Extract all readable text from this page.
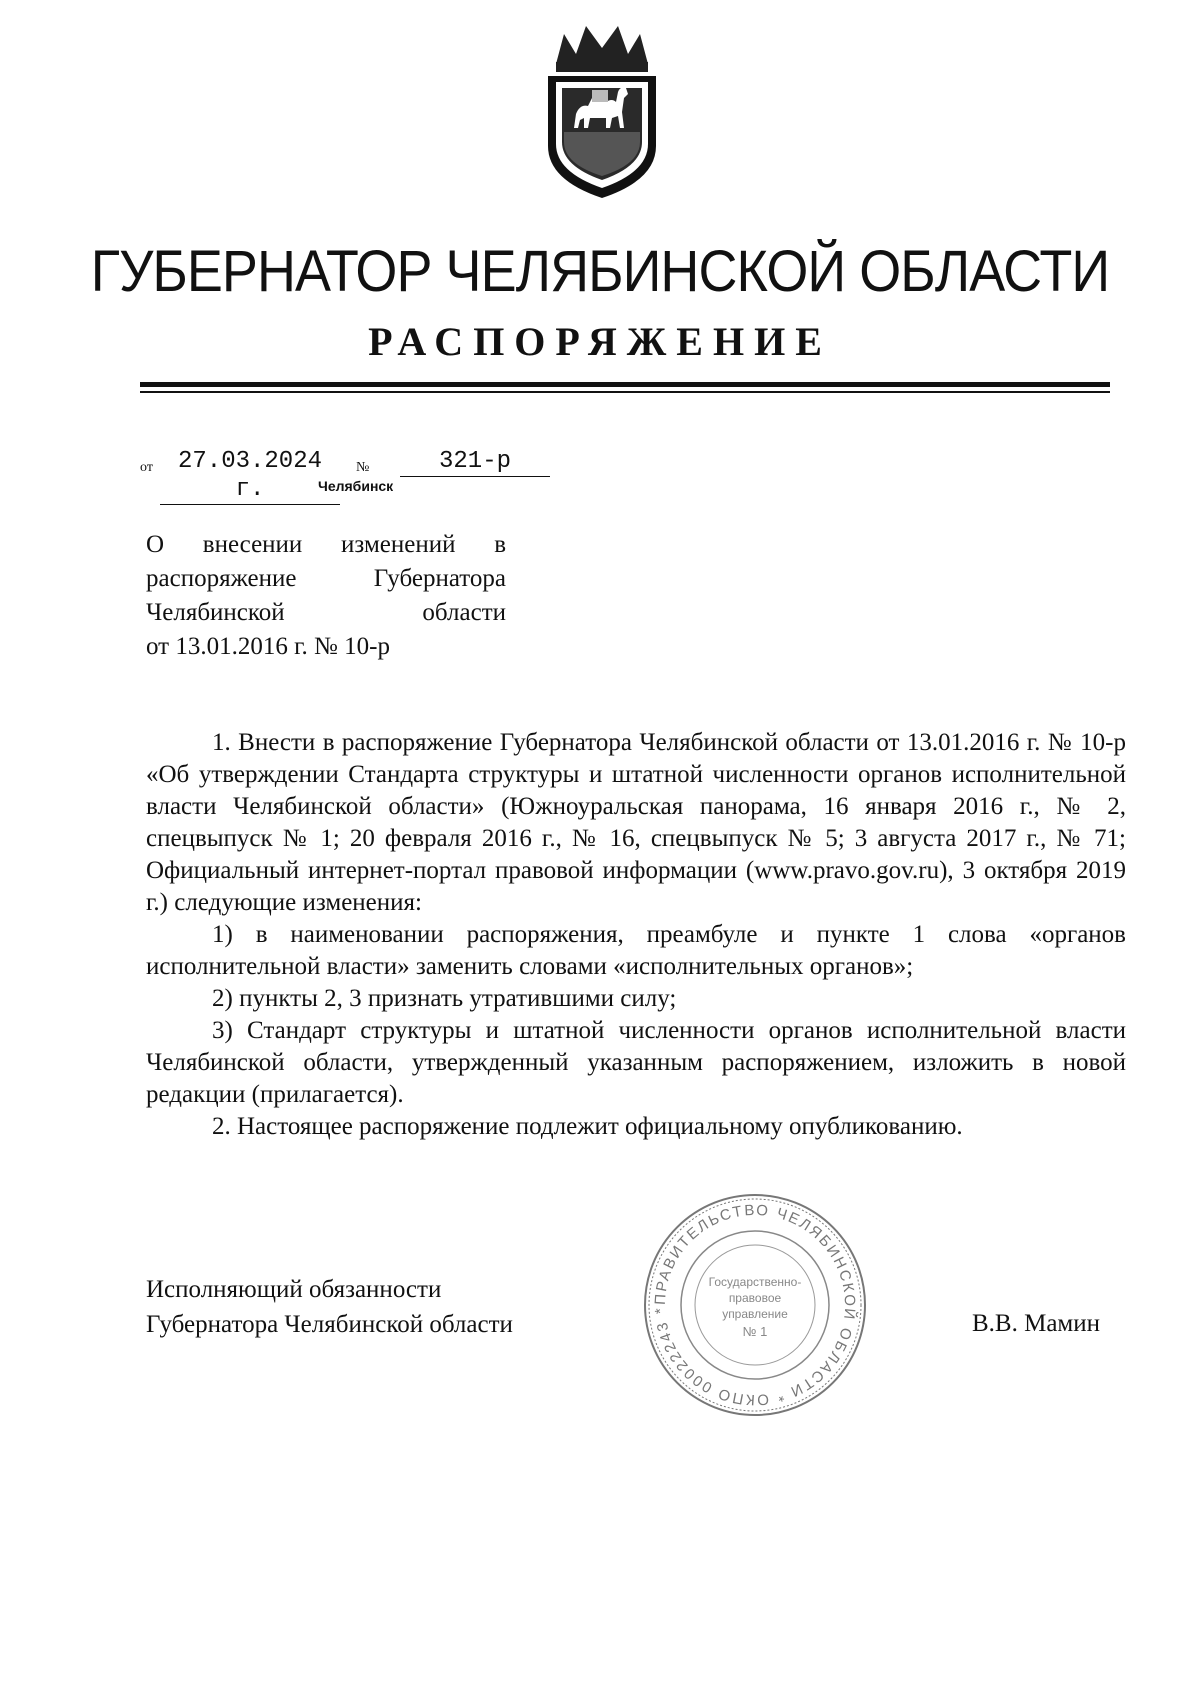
ГУБЕРНАТОР ЧЕЛЯБИНСКОЙ ОБЛАСТИ
РАСПОРЯЖЕНИЕ
от	27.03.2024 г.
№	321-р
Челябинск
О внесении изменений в
распоряжение Губернатора
Челябинской области
от 13.01.2016 г. № 10-р

1. Внести в распоряжение Губернатора Челябинской области от 13.01.2016 г. № 10-р «Об утверждении Стандарта структуры и штатной численности органов исполнительной власти Челябинской области» (Южноуральская панорама, 16 января 2016 г., № 2, спецвыпуск № 1; 20 февраля 2016 г., № 16, спецвыпуск № 5; 3 августа 2017 г., № 71; Официальный интернет-портал правовой информации (www.pravo.gov.ru), 3 октября 2019 г.) следующие изменения:

1) в наименовании распоряжения, преамбуле и пункте 1 слова «органов исполнительной власти» заменить словами «исполнительных органов»;

2) пункты 2, 3 признать утратившими силу;

3) Стандарт структуры и штатной численности органов исполнительной власти Челябинской области, утвержденный указанным распоряжением, изложить в новой редакции (прилагается).

2. Настоящее распоряжение подлежит официальному опубликованию.

Исполняющий обязанности
Губернатора Челябинской области
ПРАВИТЕЛЬСТВО ЧЕЛЯБИНСКОЙ ОБЛАСТИ * ОКПО 00022243 *
Государственно-
правовое
управление
№ 1	В.В. Мамин
